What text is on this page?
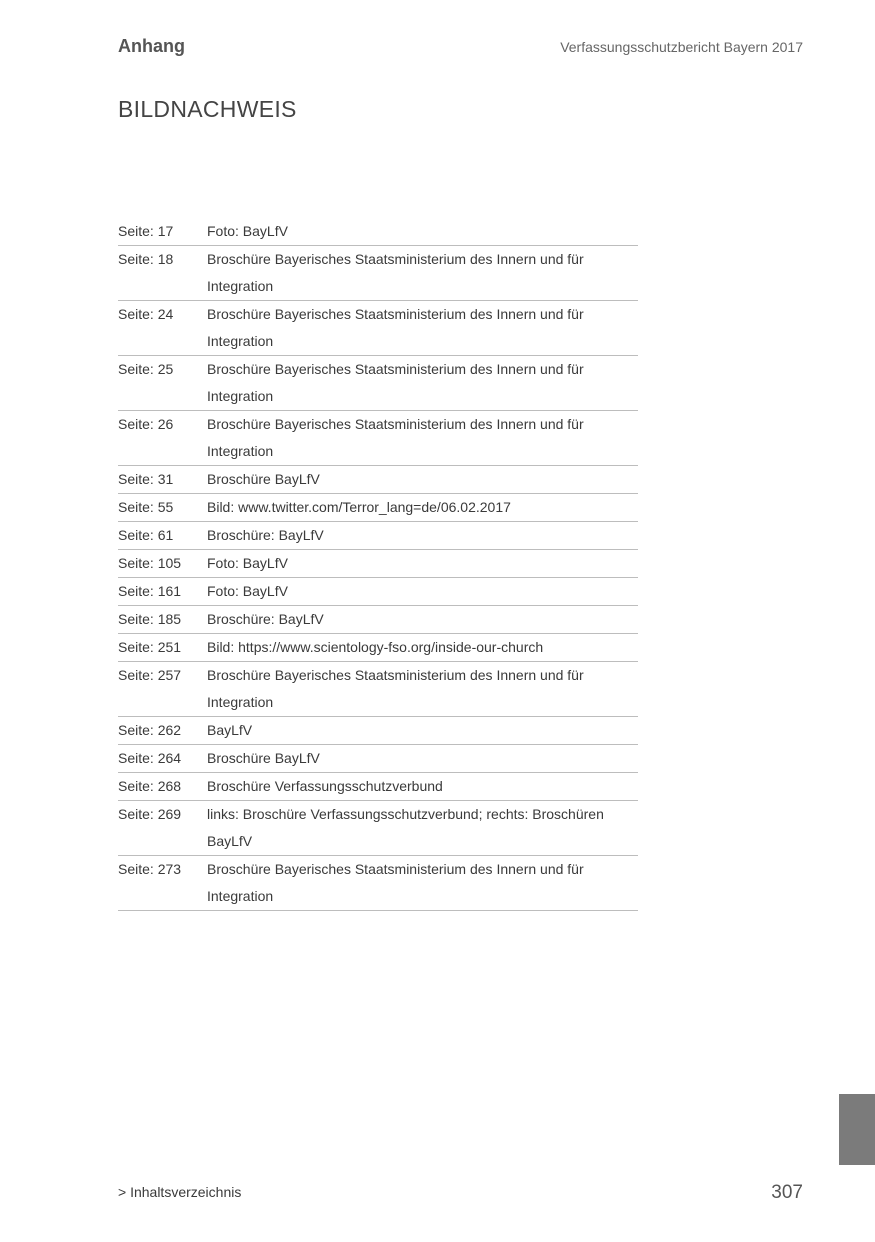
Anhang	Verfassungsschutzbericht Bayern 2017
BILDNACHWEIS
Seite: 17	Foto: BayLfV
Seite: 18	Broschüre Bayerisches Staatsministerium des Innern und für Integration
Seite: 24	Broschüre Bayerisches Staatsministerium des Innern und für Integration
Seite: 25	Broschüre Bayerisches Staatsministerium des Innern und für Integration
Seite: 26	Broschüre Bayerisches Staatsministerium des Innern und für Integration
Seite: 31	Broschüre BayLfV
Seite: 55	Bild: www.twitter.com/Terror_lang=de/06.02.2017
Seite: 61	Broschüre: BayLfV
Seite: 105	Foto: BayLfV
Seite: 161	Foto: BayLfV
Seite: 185	Broschüre: BayLfV
Seite: 251	Bild: https://www.scientology-fso.org/inside-our-church
Seite: 257	Broschüre Bayerisches Staatsministerium des Innern und für Integration
Seite: 262	BayLfV
Seite: 264	Broschüre BayLfV
Seite: 268	Broschüre Verfassungsschutzverbund
Seite: 269	links: Broschüre Verfassungsschutzverbund; rechts: Broschüren BayLfV
Seite: 273	Broschüre Bayerisches Staatsministerium des Innern und für Integration
> Inhaltsverzeichnis	307
